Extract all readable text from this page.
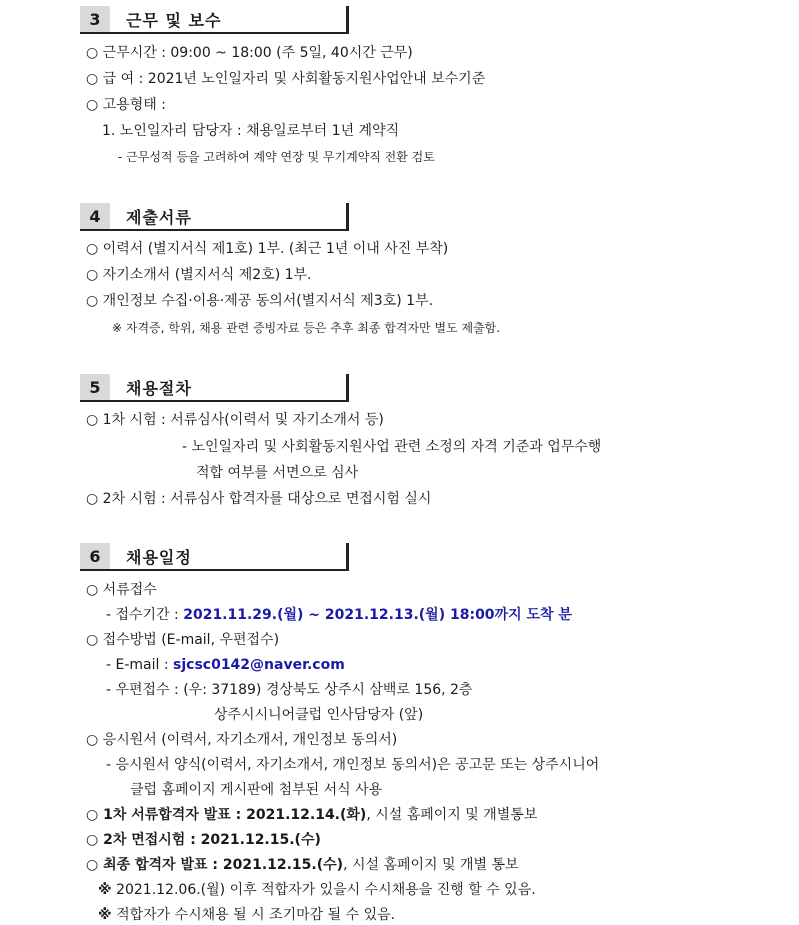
3	근무 및 보수
○ 근무시간 : 09:00 ~ 18:00 (주 5일, 40시간 근무)
○ 급 여 : 2021년 노인일자리 및 사회활동지원사업안내 보수기준
○ 고용형태 :
1. 노인일자리 담당자 : 채용일로부터 1년 계약직
- 근무성적 등을 고려하여 계약 연장 및 무기계약직 전환 검토
4	제출서류
○ 이력서 (별지서식 제1호) 1부. (최근 1년 이내 사진 부착)
○ 자기소개서 (별지서식 제2호) 1부.
○ 개인정보 수집·이용·제공 동의서(별지서식 제3호) 1부.
※ 자격증, 학위, 채용 관련 증빙자료 등은 추후 최종 합격자만 별도 제출함.
5	채용절차
○ 1차 시험 : 서류심사(이력서 및 자기소개서 등)
- 노인일자리 및 사회활동지원사업 관련 소정의 자격 기준과 업무수행
적합 여부를 서면으로 심사
○ 2차 시험 : 서류심사 합격자를 대상으로 면접시험 실시
6	채용일정
○ 서류접수
- 접수기간 : 2021.11.29.(월) ~ 2021.12.13.(월) 18:00까지 도착 분
○ 접수방법 (E-mail, 우편접수)
- E-mail : sjcsc0142@naver.com
- 우편접수 : (우: 37189) 경상북도 상주시 삼백로 156, 2층
상주시시니어클럽 인사담당자 (앞)
○ 응시원서 (이력서, 자기소개서, 개인정보 동의서)
- 응시원서 양식(이력서, 자기소개서, 개인정보 동의서)은 공고문 또는 상주시니어
클럽 홈페이지 게시판에 첨부된 서식 사용
○ 1차 서류합격자 발표 : 2021.12.14.(화), 시설 홈페이지 및 개별통보
○ 2차 면접시험 : 2021.12.15.(수)
○ 최종 합격자 발표 : 2021.12.15.(수), 시설 홈페이지 및 개별 통보
※ 2021.12.06.(월) 이후 적합자가 있을시 수시채용을 진행 할 수 있음.
※ 적합자가 수시채용 될 시 조기마감 될 수 있음.
